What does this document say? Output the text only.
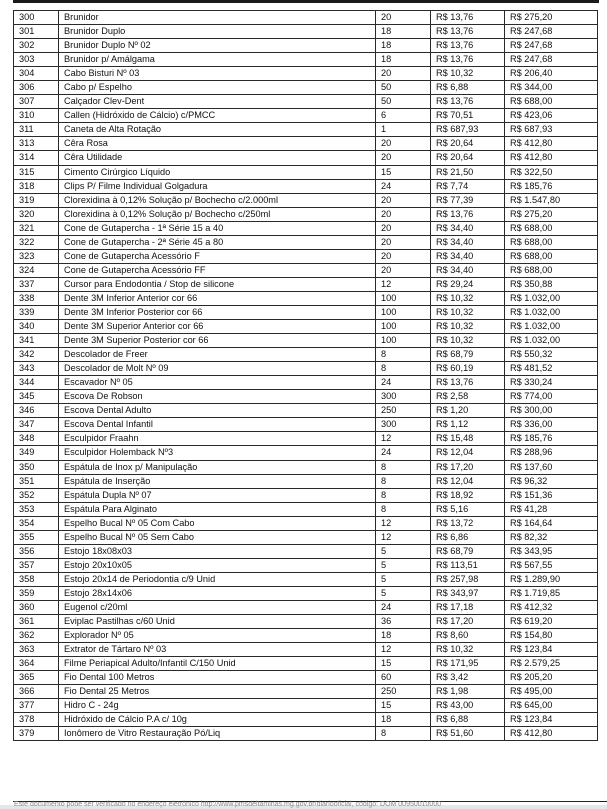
300	Brunidor	20	R$ 13,76	R$ 275,20
301	Brunidor Duplo	18	R$ 13,76	R$ 247,68
302	Brunidor Duplo Nº 02	18	R$ 13,76	R$ 247,68
303	Brunidor p/ Amálgama	18	R$ 13,76	R$ 247,68
304	Cabo Bisturi Nº 03	20	R$ 10,32	R$ 206,40
306	Cabo p/ Espelho	50	R$ 6,88	R$ 344,00
307	Calçador Clev-Dent	50	R$ 13,76	R$ 688,00
310	Callen (Hidróxido de Cálcio) c/PMCC	6	R$ 70,51	R$ 423,06
311	Caneta de Alta Rotação	1	R$ 687,93	R$ 687,93
313	Cêra Rosa	20	R$ 20,64	R$ 412,80
314	Cêra Utilidade	20	R$ 20,64	R$ 412,80
315	Cimento Cirúrgico Líquido	15	R$ 21,50	R$ 322,50
318	Clips P/ Filme Individual Golgadura	24	R$ 7,74	R$ 185,76
319	Clorexidina à 0,12% Solução p/ Bochecho c/2.000ml	20	R$ 77,39	R$ 1.547,80
320	Clorexidina à 0,12% Solução p/ Bochecho c/250ml	20	R$ 13,76	R$ 275,20
321	Cone de Gutapercha - 1ª Série 15 a 40	20	R$ 34,40	R$ 688,00
322	Cone de Gutapercha - 2ª Série 45 a 80	20	R$ 34,40	R$ 688,00
323	Cone de Gutapercha Acessório F	20	R$ 34,40	R$ 688,00
324	Cone de Gutapercha Acessório FF	20	R$ 34,40	R$ 688,00
337	Cursor para Endodontia / Stop de silicone	12	R$ 29,24	R$ 350,88
338	Dente 3M Inferior Anterior cor 66	100	R$ 10,32	R$ 1.032,00
339	Dente 3M Inferior Posterior cor 66	100	R$ 10,32	R$ 1.032,00
340	Dente 3M Superior Anterior cor 66	100	R$ 10,32	R$ 1.032,00
341	Dente 3M Superior Posterior cor 66	100	R$ 10,32	R$ 1.032,00
342	Descolador de Freer	8	R$ 68,79	R$ 550,32
343	Descolador de Molt Nº 09	8	R$ 60,19	R$ 481,52
344	Escavador Nº 05	24	R$ 13,76	R$ 330,24
345	Escova De Robson	300	R$ 2,58	R$ 774,00
346	Escova Dental Adulto	250	R$ 1,20	R$ 300,00
347	Escova Dental Infantil	300	R$ 1,12	R$ 336,00
348	Esculpidor Fraahn	12	R$ 15,48	R$ 185,76
349	Esculpidor Holemback Nº3	24	R$ 12,04	R$ 288,96
350	Espátula de Inox p/ Manipulação	8	R$ 17,20	R$ 137,60
351	Espátula de Inserção	8	R$ 12,04	R$ 96,32
352	Espátula Dupla Nº 07	8	R$ 18,92	R$ 151,36
353	Espátula Para Alginato	8	R$ 5,16	R$ 41,28
354	Espelho Bucal Nº 05 Com Cabo	12	R$ 13,72	R$ 164,64
355	Espelho Bucal Nº 05 Sem Cabo	12	R$ 6,86	R$ 82,32
356	Estojo 18x08x03	5	R$ 68,79	R$ 343,95
357	Estojo 20x10x05	5	R$ 113,51	R$ 567,55
358	Estojo 20x14 de Periodontia c/9 Unid	5	R$ 257,98	R$ 1.289,90
359	Estojo 28x14x06	5	R$ 343,97	R$ 1.719,85
360	Eugenol c/20ml	24	R$ 17,18	R$ 412,32
361	Eviplac Pastilhas c/60 Unid	36	R$ 17,20	R$ 619,20
362	Explorador Nº 05	18	R$ 8,60	R$ 154,80
363	Extrator de Tártaro Nº 03	12	R$ 10,32	R$ 123,84
364	Filme Periapical Adulto/Infantil C/150 Unid	15	R$ 171,95	R$ 2.579,25
365	Fio Dental 100 Metros	60	R$ 3,42	R$ 205,20
366	Fio Dental 25 Metros	250	R$ 1,98	R$ 495,00
377	Hidro C - 24g	15	R$ 43,00	R$ 645,00
378	Hidróxido de Cálcio P.A c/ 10g	18	R$ 6,88	R$ 123,84
379	Ionômero de Vitro Restauração Pó/Liq	8	R$ 51,60	R$ 412,80
Este documento pode ser verificado no endereço eletrônico http://www.pmsdeltaminas.mg.gov.br/diariooficial, código: DOM 00950010000
